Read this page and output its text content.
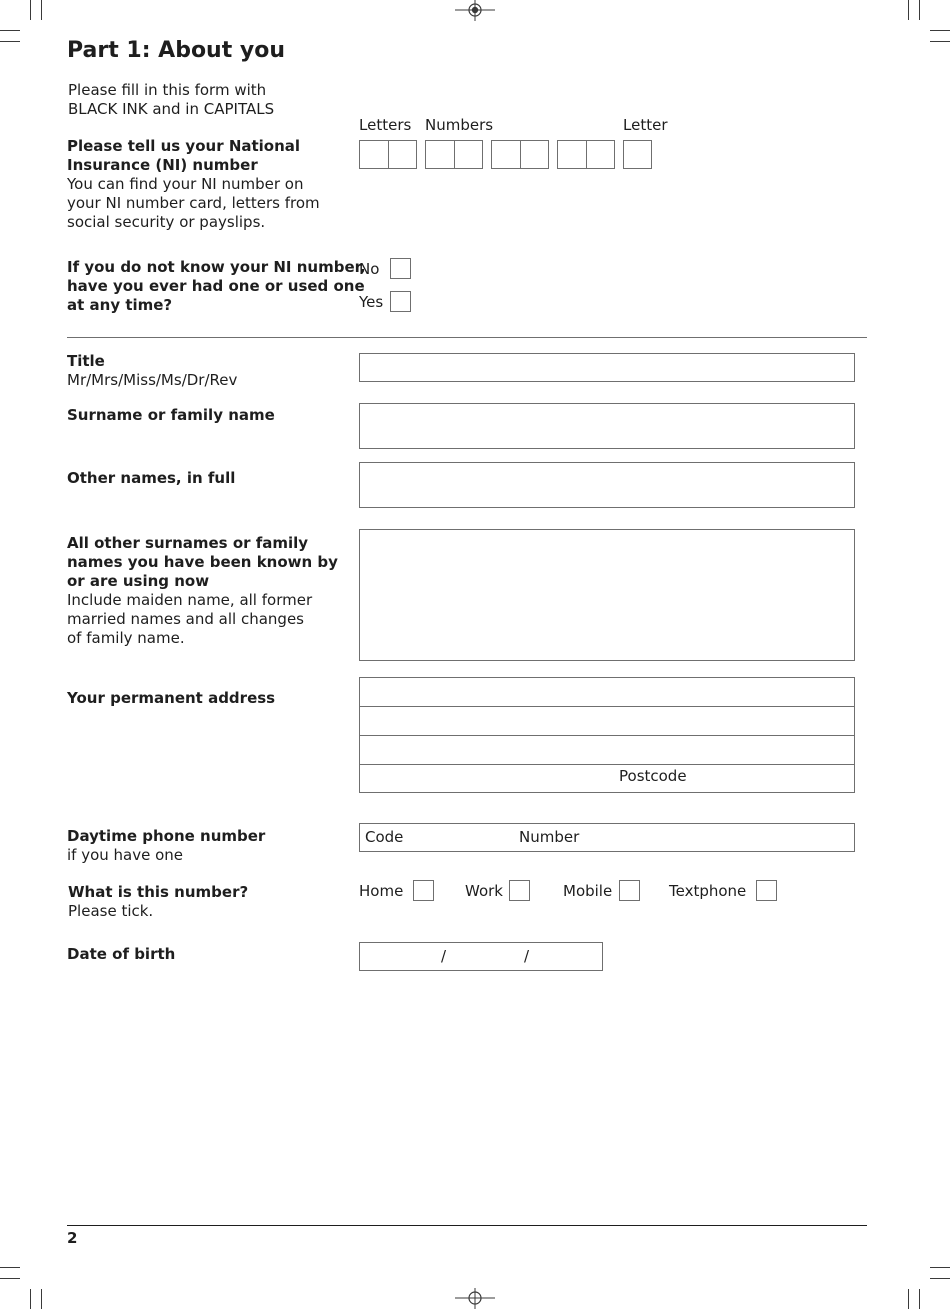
Part 1: About you
Please fill in this form with
BLACK INK and in CAPITALS
Please tell us your National
Insurance (NI) number
You can find your NI number on
your NI number card, letters from
social security or payslips.
Letters Numbers	Letter
If you do not know your NI number,
have you ever had one or used one
at any time?
No
Yes
Title
Mr/Mrs/Miss/Ms/Dr/Rev
Surname or family name
Other names, in full
All other surnames or family
names you have been known by
or are using now
Include maiden name, all former
married names and all changes
of family name.
Your permanent address
Postcode
Daytime phone number
if you have one
Code	Number
What is this number?
Please tick.
Home	Work	Mobile	Textphone
Date of birth	/	/
2
